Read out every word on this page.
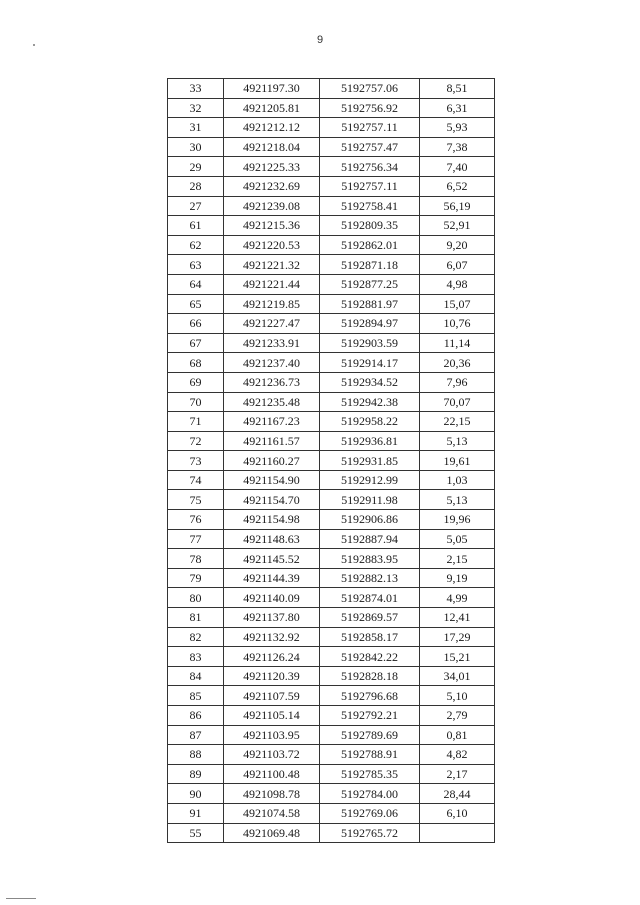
9
33	4921197.30	5192757.06	8,51
32	4921205.81	5192756.92	6,31
31	4921212.12	5192757.11	5,93
30	4921218.04	5192757.47	7,38
29	4921225.33	5192756.34	7,40
28	4921232.69	5192757.11	6,52
27	4921239.08	5192758.41	56,19
61	4921215.36	5192809.35	52,91
62	4921220.53	5192862.01	9,20
63	4921221.32	5192871.18	6,07
64	4921221.44	5192877.25	4,98
65	4921219.85	5192881.97	15,07
66	4921227.47	5192894.97	10,76
67	4921233.91	5192903.59	11,14
68	4921237.40	5192914.17	20,36
69	4921236.73	5192934.52	7,96
70	4921235.48	5192942.38	70,07
71	4921167.23	5192958.22	22,15
72	4921161.57	5192936.81	5,13
73	4921160.27	5192931.85	19,61
74	4921154.90	5192912.99	1,03
75	4921154.70	5192911.98	5,13
76	4921154.98	5192906.86	19,96
77	4921148.63	5192887.94	5,05
78	4921145.52	5192883.95	2,15
79	4921144.39	5192882.13	9,19
80	4921140.09	5192874.01	4,99
81	4921137.80	5192869.57	12,41
82	4921132.92	5192858.17	17,29
83	4921126.24	5192842.22	15,21
84	4921120.39	5192828.18	34,01
85	4921107.59	5192796.68	5,10
86	4921105.14	5192792.21	2,79
87	4921103.95	5192789.69	0,81
88	4921103.72	5192788.91	4,82
89	4921100.48	5192785.35	2,17
90	4921098.78	5192784.00	28,44
91	4921074.58	5192769.06	6,10
55	4921069.48	5192765.72	
